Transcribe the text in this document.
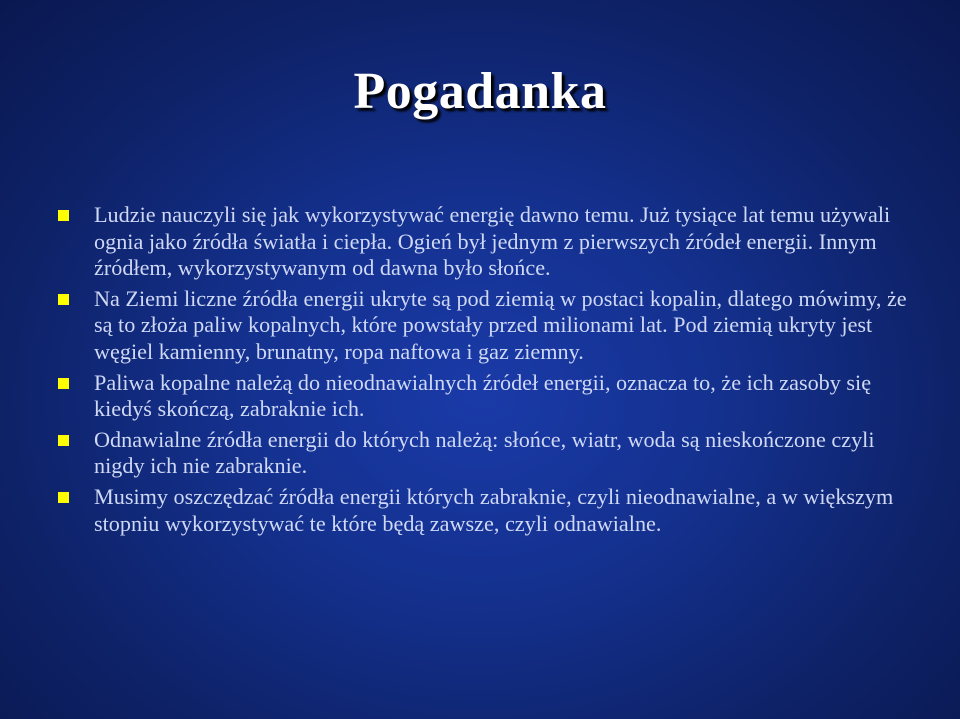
Pogadanka
Ludzie nauczyli się jak wykorzystywać energię dawno temu. Już tysiące lat temu używali ognia jako źródła światła i ciepła. Ogień był jednym z pierwszych źródeł energii. Innym źródłem, wykorzystywanym od dawna było słońce.
Na Ziemi liczne źródła energii ukryte są pod ziemią w postaci kopalin, dlatego mówimy, że są to złoża paliw kopalnych, które powstały przed milionami lat. Pod ziemią ukryty jest węgiel kamienny, brunatny, ropa naftowa i gaz ziemny.
Paliwa kopalne należą do nieodnawialnych źródeł energii, oznacza to, że ich zasoby się kiedyś skończą, zabraknie ich.
Odnawialne źródła energii do których należą: słońce, wiatr, woda są nieskończone czyli nigdy ich nie zabraknie.
Musimy oszczędzać źródła energii których zabraknie, czyli nieodnawialne, a w większym stopniu wykorzystywać te które będą zawsze, czyli odnawialne.
